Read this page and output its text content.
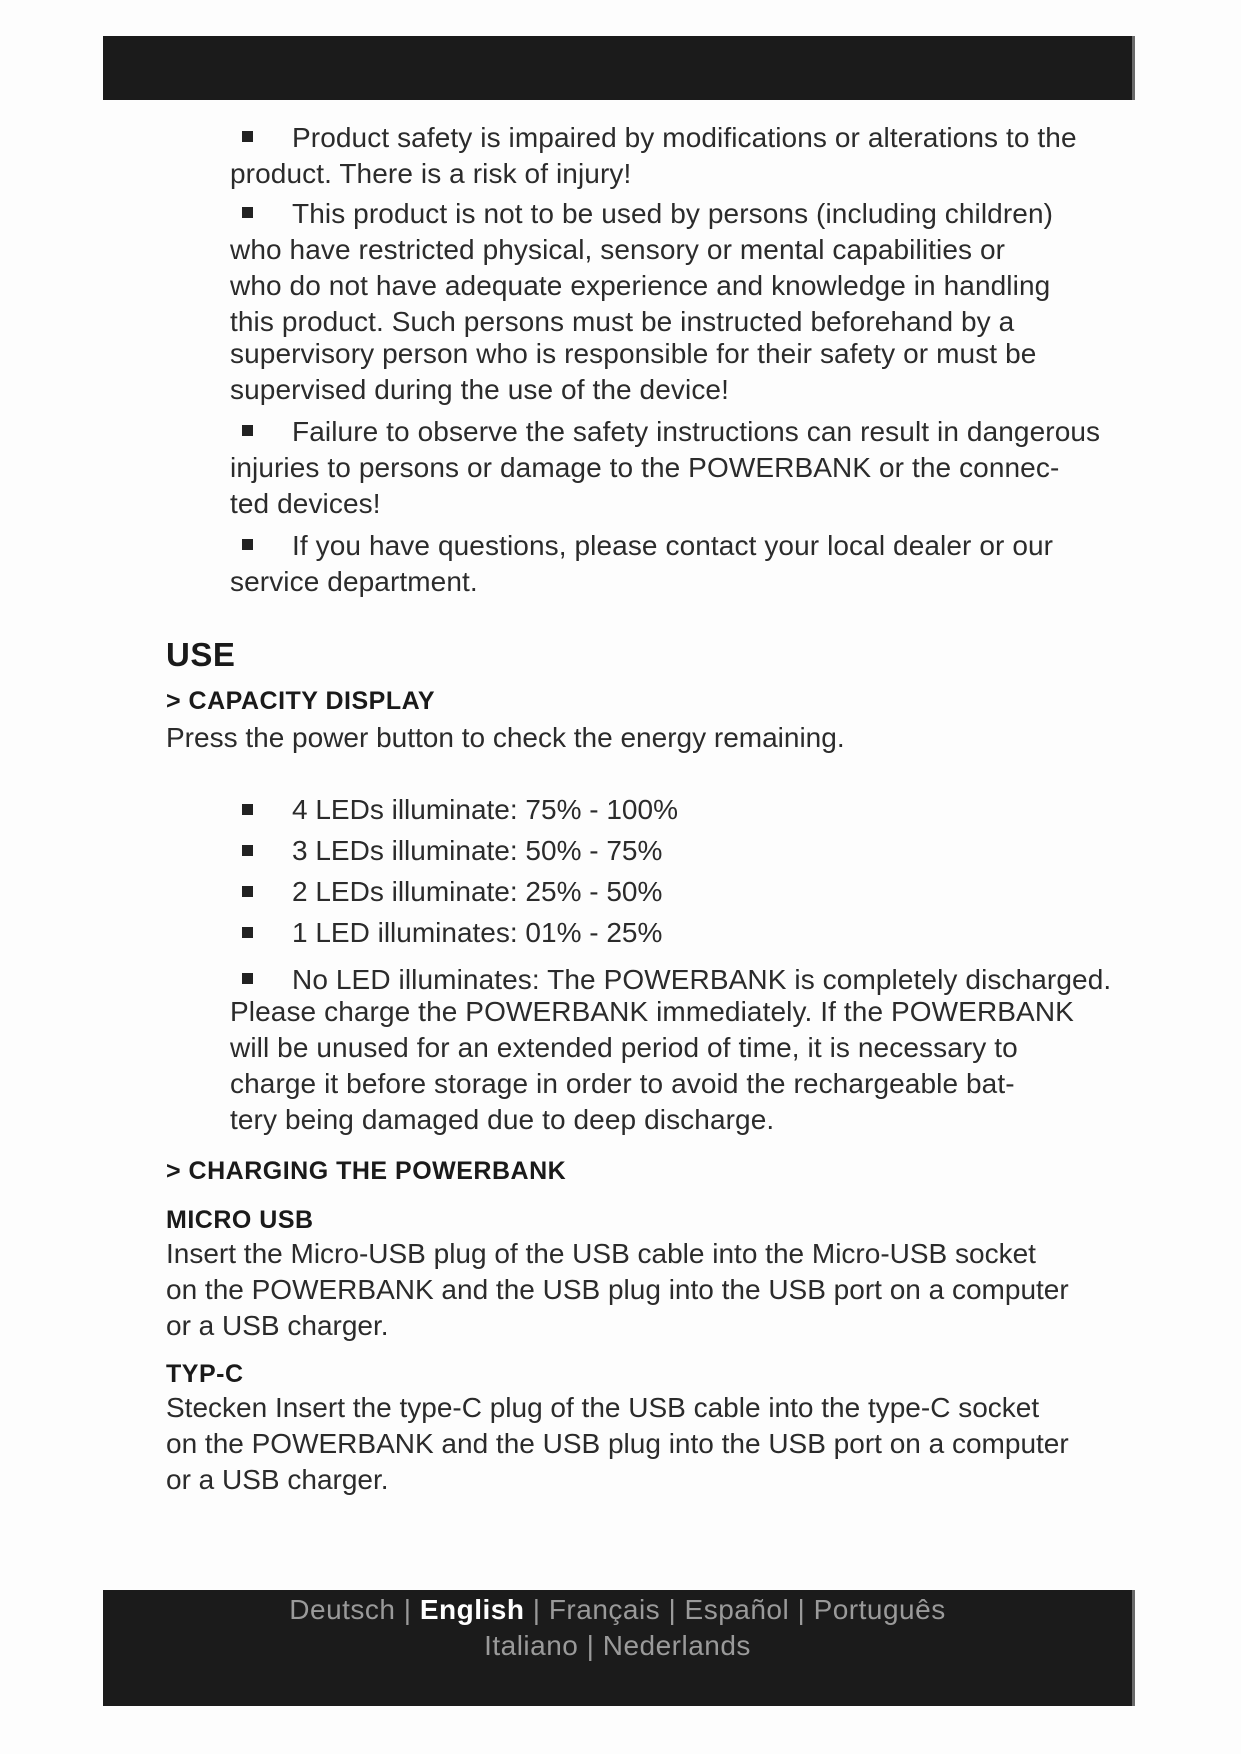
Product safety is impaired by modifications or alterations to the
product. There is a risk of injury!
This product is not to be used by persons (including children)
who have restricted physical, sensory or mental capabilities or
who do not have adequate experience and knowledge in handling
this product. Such persons must be instructed beforehand by a
supervisory person who is responsible for their safety or must be
supervised during the use of the device!
Failure to observe the safety instructions can result in dangerous
injuries to persons or damage to the POWERBANK or the connec-
ted devices!
If you have questions, please contact your local dealer or our
service department.
USE
> CAPACITY DISPLAY
Press the power button to check the energy remaining.
4 LEDs illuminate: 75% - 100%
3 LEDs illuminate: 50% - 75%
2 LEDs illuminate: 25% - 50%
1 LED illuminates: 01% - 25%
No LED illuminates: The POWERBANK is completely discharged.
Please charge the POWERBANK immediately. If the POWERBANK
will be unused for an extended period of time, it is necessary to
charge it before storage in order to avoid the rechargeable bat-
tery being damaged due to deep discharge.
> CHARGING THE POWERBANK
MICRO USB
Insert the Micro-USB plug of the USB cable into the Micro-USB socket
on the POWERBANK and the USB plug into the USB port on a computer
or a USB charger.
TYP-C
Stecken Insert the type-C plug of the USB cable into the type-C socket
on the POWERBANK and the USB plug into the USB port on a computer
or a USB charger.
Deutsch | English | Français | Español | Português
Italiano | Nederlands
